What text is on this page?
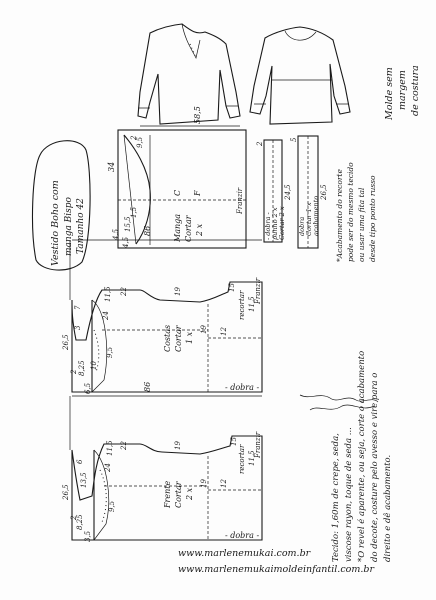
Molde sem margem de costura
Vestido Boho com manga Bispo Tamanho 42
58,5
34
15,5
9,5
2
4,5
4,5
1,5
C F
Manga Cortar 2 x
Franzir
- dobra - punho 2 x Cortar 2 x
24,5
2
dobra Cortar 1 x acabamento
26,5
5
*Acabamento do recorte pode ser do mesmo tecido ou usar uma fita tal desde tipo ponto russo
86
26,5
7
3
11,5
24
22
10
9,5
8,25
2
6,5
Costas Cortar 1 x
19
19
15
12
recortar 11,5
Franzir
- dobra -
86
26,5
6
13,5
11,5
24
22
9,5
8,25
2
3,5
Frente Cortar 2 x
19
19
15
12
recortar 11,5
Franzir
- dobra -	Tecido: 1,60m de crepe, seda, viscose rayon, toque de seda ... *O revel é aparente, ou seja, corte o acabamento do decote, costure pelo avesso e vire para o direito e dê acabamento.
www.marlenemukai.com.br
www.marlenemukaimoldeinfantil.com.br
